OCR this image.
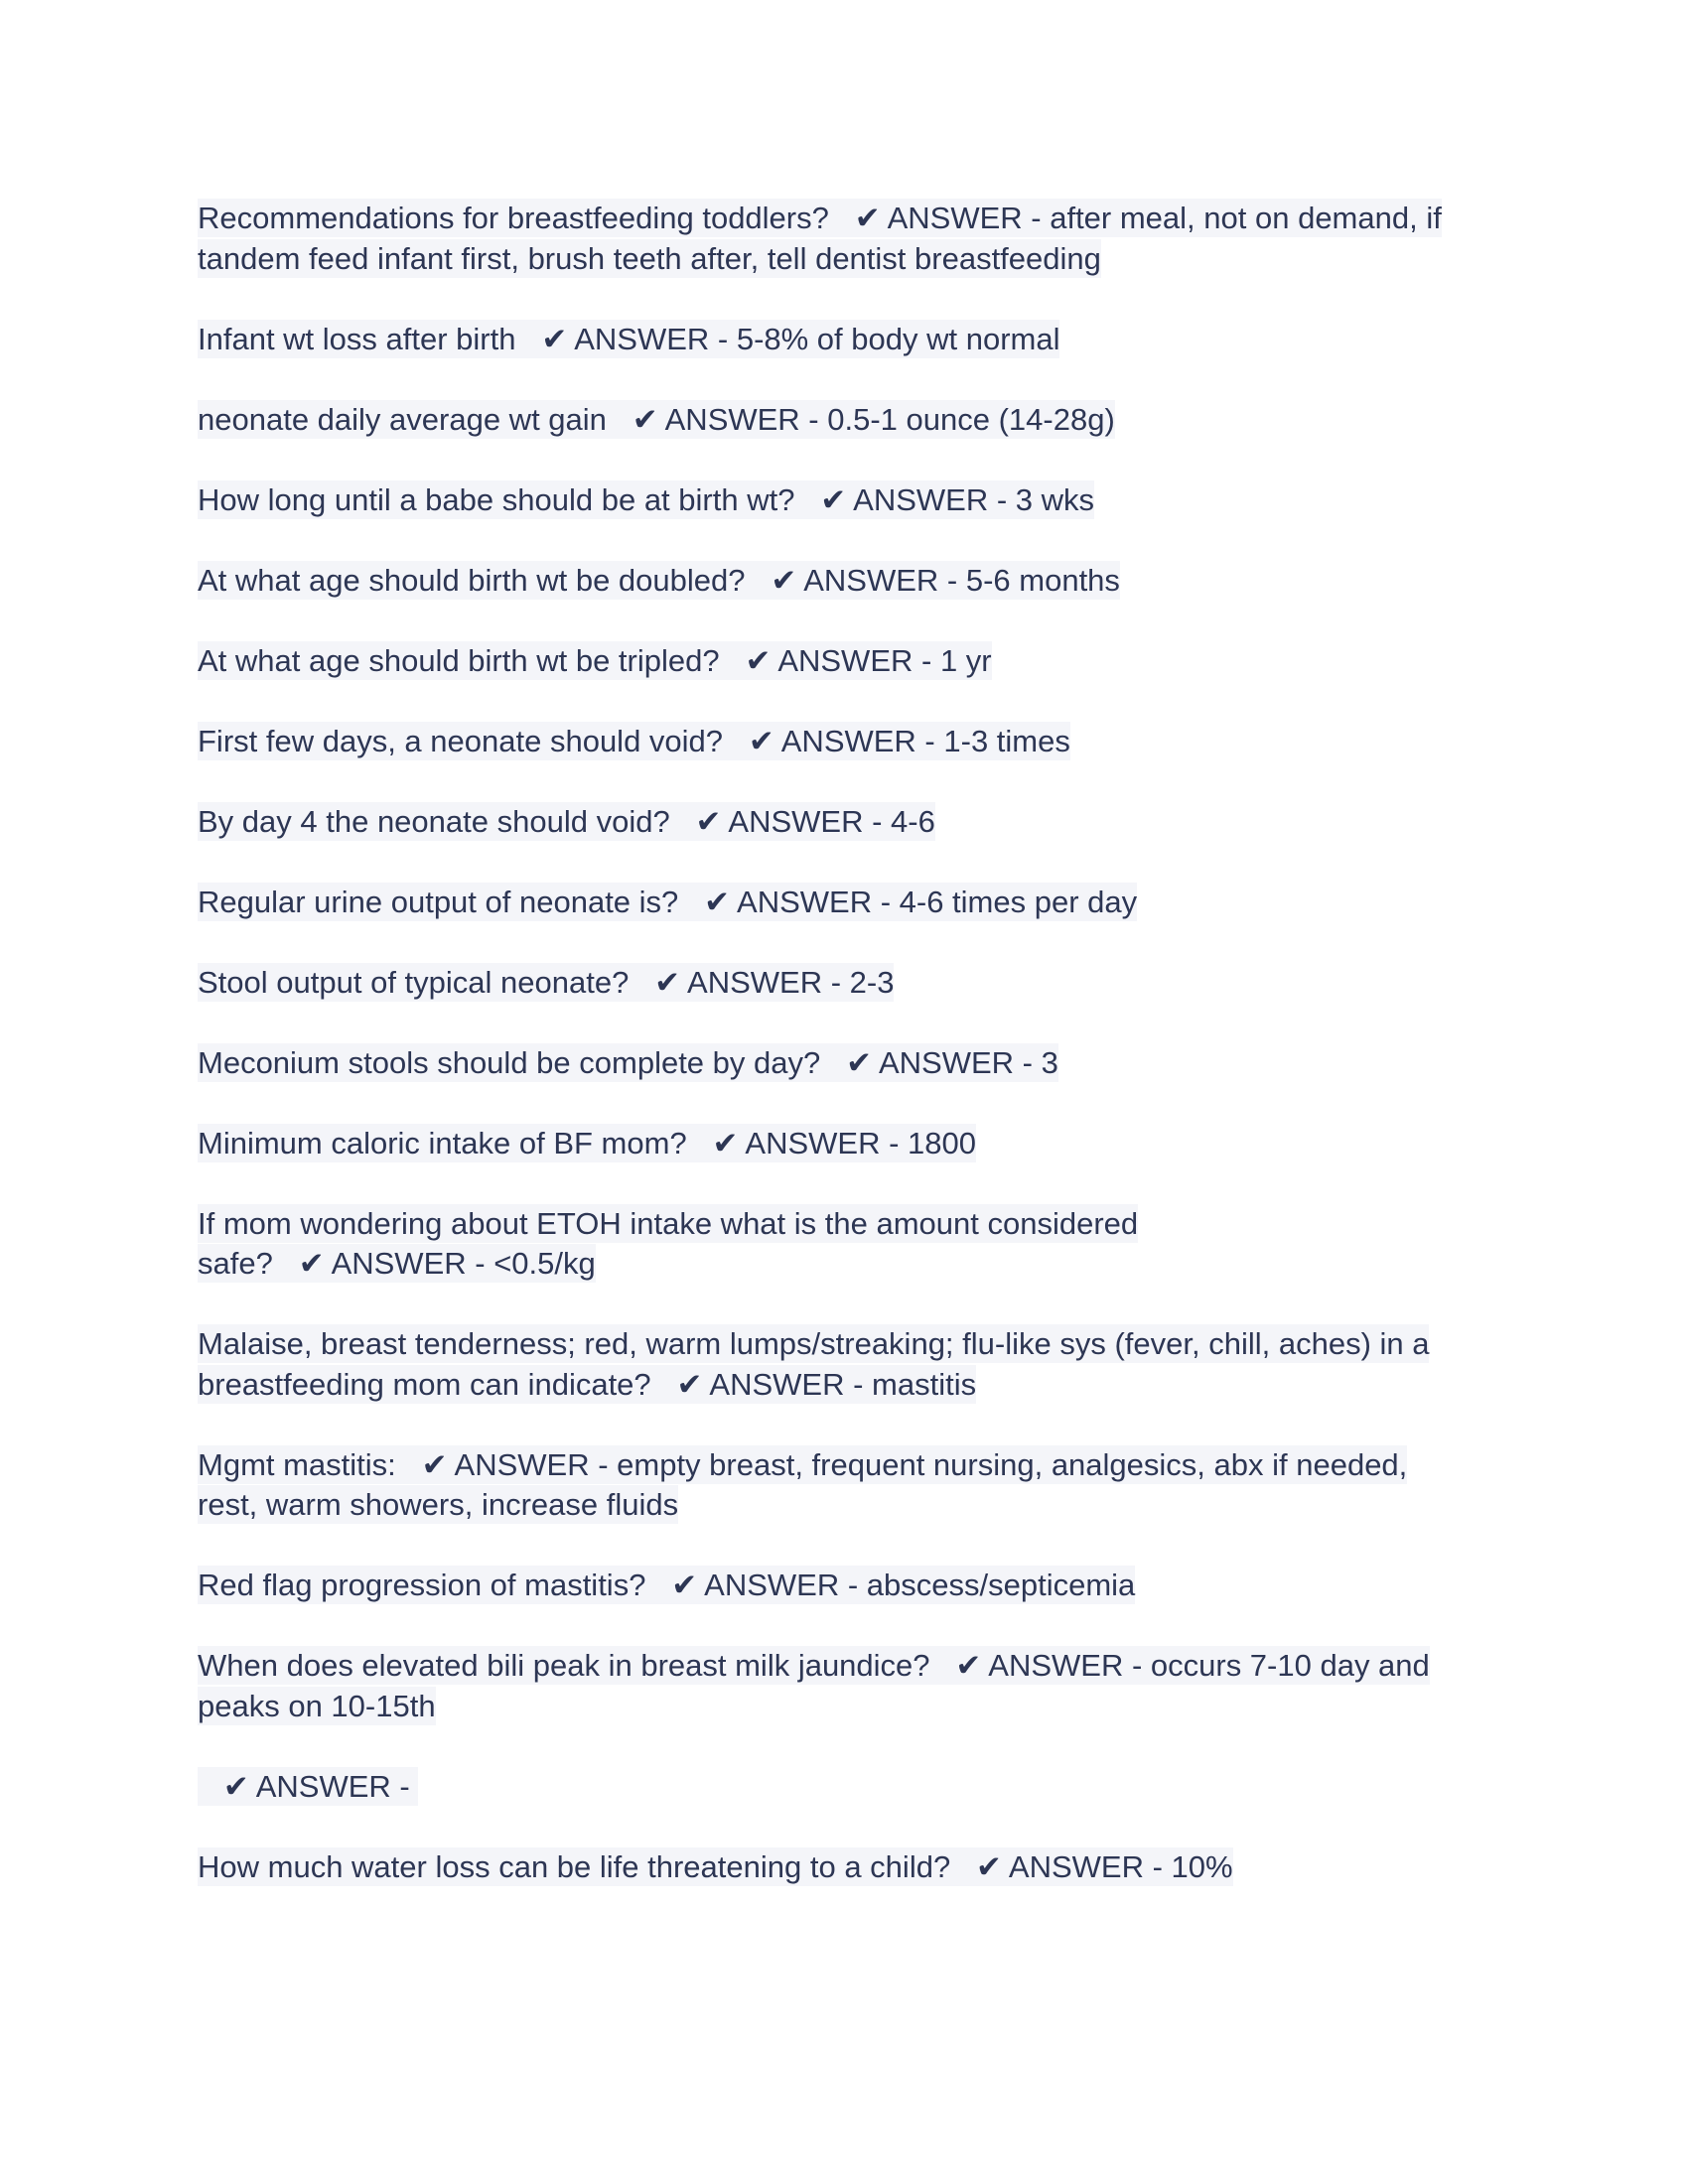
Recommendations for breastfeeding toddlers? ✔ ANSWER - after meal, not on demand, if tandem feed infant first, brush teeth after, tell dentist breastfeeding
Infant wt loss after birth ✔ ANSWER - 5-8% of body wt normal
neonate daily average wt gain ✔ ANSWER - 0.5-1 ounce (14-28g)
How long until a babe should be at birth wt? ✔ ANSWER - 3 wks
At what age should birth wt be doubled? ✔ ANSWER - 5-6 months
At what age should birth wt be tripled? ✔ ANSWER - 1 yr
First few days, a neonate should void? ✔ ANSWER - 1-3 times
By day 4 the neonate should void? ✔ ANSWER - 4-6
Regular urine output of neonate is? ✔ ANSWER - 4-6 times per day
Stool output of typical neonate? ✔ ANSWER - 2-3
Meconium stools should be complete by day? ✔ ANSWER - 3
Minimum caloric intake of BF mom? ✔ ANSWER - 1800
If mom wondering about ETOH intake what is the amount considered safe? ✔ ANSWER - <0.5/kg
Malaise, breast tenderness; red, warm lumps/streaking; flu-like sys (fever, chill, aches) in a breastfeeding mom can indicate? ✔ ANSWER - mastitis
Mgmt mastitis: ✔ ANSWER - empty breast, frequent nursing, analgesics, abx if needed, rest, warm showers, increase fluids
Red flag progression of mastitis? ✔ ANSWER - abscess/septicemia
When does elevated bili peak in breast milk jaundice? ✔ ANSWER - occurs 7-10 day and peaks on 10-15th
✔ ANSWER -
How much water loss can be life threatening to a child? ✔ ANSWER - 10%
